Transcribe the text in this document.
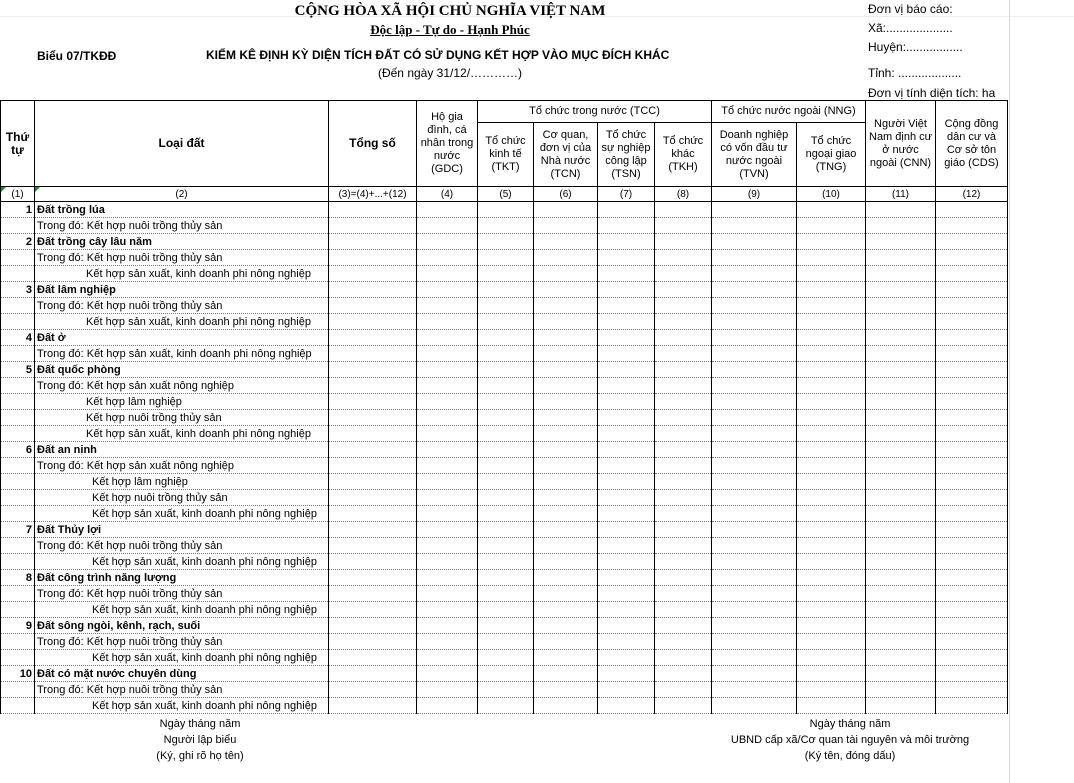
CỘNG HÒA XÃ HỘI CHỦ NGHĨA VIỆT NAM
Độc lập - Tự do - Hạnh Phúc
Biểu 07/TKĐĐ	KIỂM KÊ ĐỊNH KỲ DIỆN TÍCH ĐẤT CÓ SỬ DỤNG KẾT HỢP VÀO MỤC ĐÍCH KHÁC
(Đến ngày 31/12/…………)
Đơn vị báo cáo:
Xã:....................
Huyện:.................
Tỉnh: ...................
Đơn vị tính diện tích: ha
Thứ tự	Loại đất	Tổng số	Hộ gia đình, cá nhân trong nước (GDC)	Tổ chức trong nước (TCC)				Tổ chức nước ngoài (NNG)		Người Việt Nam định cư ở nước ngoài (CNN)	Cộng đồng dân cư và Cơ sở tôn giáo (CDS)
				Tổ chức kinh tế (TKT)	Cơ quan, đơn vị của Nhà nước (TCN)	Tổ chức sự nghiệp công lập (TSN)	Tổ chức khác (TKH)	Doanh nghiệp có vốn đầu tư nước ngoài (TVN)	Tổ chức ngoại giao (TNG)		
(1)	(2)	(3)=(4)+...+(12)	(4)	(5)	(6)	(7)	(8)	(9)	(10)	(11)	(12)
1	Đất trồng lúa										
	Trong đó: Kết hợp nuôi trồng thủy sản										
2	Đất trồng cây lâu năm										
	Trong đó: Kết hợp nuôi trồng thủy sản										
	Kết hợp sản xuất, kinh doanh phi nông nghiệp										
3	Đất lâm nghiệp										
	Trong đó: Kết hợp nuôi trồng thủy sản										
	Kết hợp sản xuất, kinh doanh phi nông nghiệp										
4	Đất ở										
	Trong đó: Kết hợp sản xuất, kinh doanh phi nông nghiệp										
5	Đất quốc phòng										
	Trong đó: Kết hợp sản xuất nông nghiệp										
	Kết hợp lâm nghiệp										
	Kết hợp nuôi trồng thủy sản										
	Kết hợp sản xuất, kinh doanh phi nông nghiệp										
6	Đất an ninh										
	Trong đó: Kết hợp sản xuất nông nghiệp										
	Kết hợp lâm nghiệp										
	Kết hợp nuôi trồng thủy sản										
	Kết hợp sản xuất, kinh doanh phi nông nghiệp										
7	Đất Thủy lợi										
	Trong đó: Kết hợp nuôi trồng thủy sản										
	Kết hợp sản xuất, kinh doanh phi nông nghiệp										
8	Đất công trình năng lượng										
	Trong đó: Kết hợp nuôi trồng thủy sản										
	Kết hợp sản xuất, kinh doanh phi nông nghiệp										
9	Đất sông ngòi, kênh, rạch, suối										
	Trong đó: Kết hợp nuôi trồng thủy sản										
	Kết hợp sản xuất, kinh doanh phi nông nghiệp										
10	Đất có mặt nước chuyên dùng										
	Trong đó: Kết hợp nuôi trồng thủy sản										
	Kết hợp sản xuất, kinh doanh phi nông nghiệp										
Ngày tháng năm
Người lập biểu
(Ký, ghi rõ họ tên)
Ngày tháng năm
UBND cấp xã/Cơ quan tài nguyên và môi trường
(Ký tên, đóng dấu)
